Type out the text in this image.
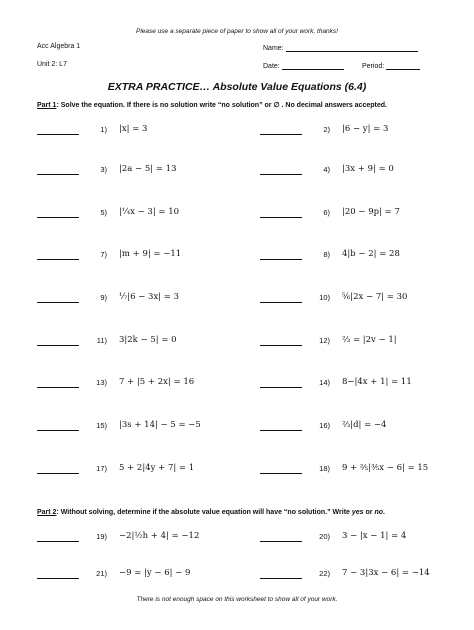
Please use a separate piece of paper to show all of your work, thanks!
Acc Algebra 1	Name:
Unit 2: L7	Date:	Period:
EXTRA PRACTICE… Absolute Value Equations (6.4)
Part 1: Solve the equation. If there is no solution write “no solution” or ∅ . No decimal answers accepted.
Part 2: Without solving, determine if the absolute value equation will have “no solution.” Write yes or no.
1) |x| = 3	2) |6 − y| = 3
3) |2a − 5| = 13	4) |3x + 9| = 0
5) |¼x − 3| = 10	6) |20 − 9p| = 7
7) |m + 9| = −11	8) 4|b − 2| = 28
9) ⅐|6 − 3x| = 3	10) ⅚|2x − 7| = 30
11) 3|2k − 5| = 0	12) ⅔ = |2v − 1|
13) 7 + |5 + 2x| = 16	14) 8−|4x + 1| = 11
15) |3s + 14| − 5 = −5	16) ⅔|d| = −4
17) 5 + 2|4y + 7| = 1	18) 9 + ⅖|⅗x − 6| = 15
19) −2|½h + 4| = −12	20) 3 − |x − 1| = 4
21) −9 = |y − 6| − 9	22) 7 − 3|3x − 6| = −14
There is not enough space on this worksheet to show all of your work.
